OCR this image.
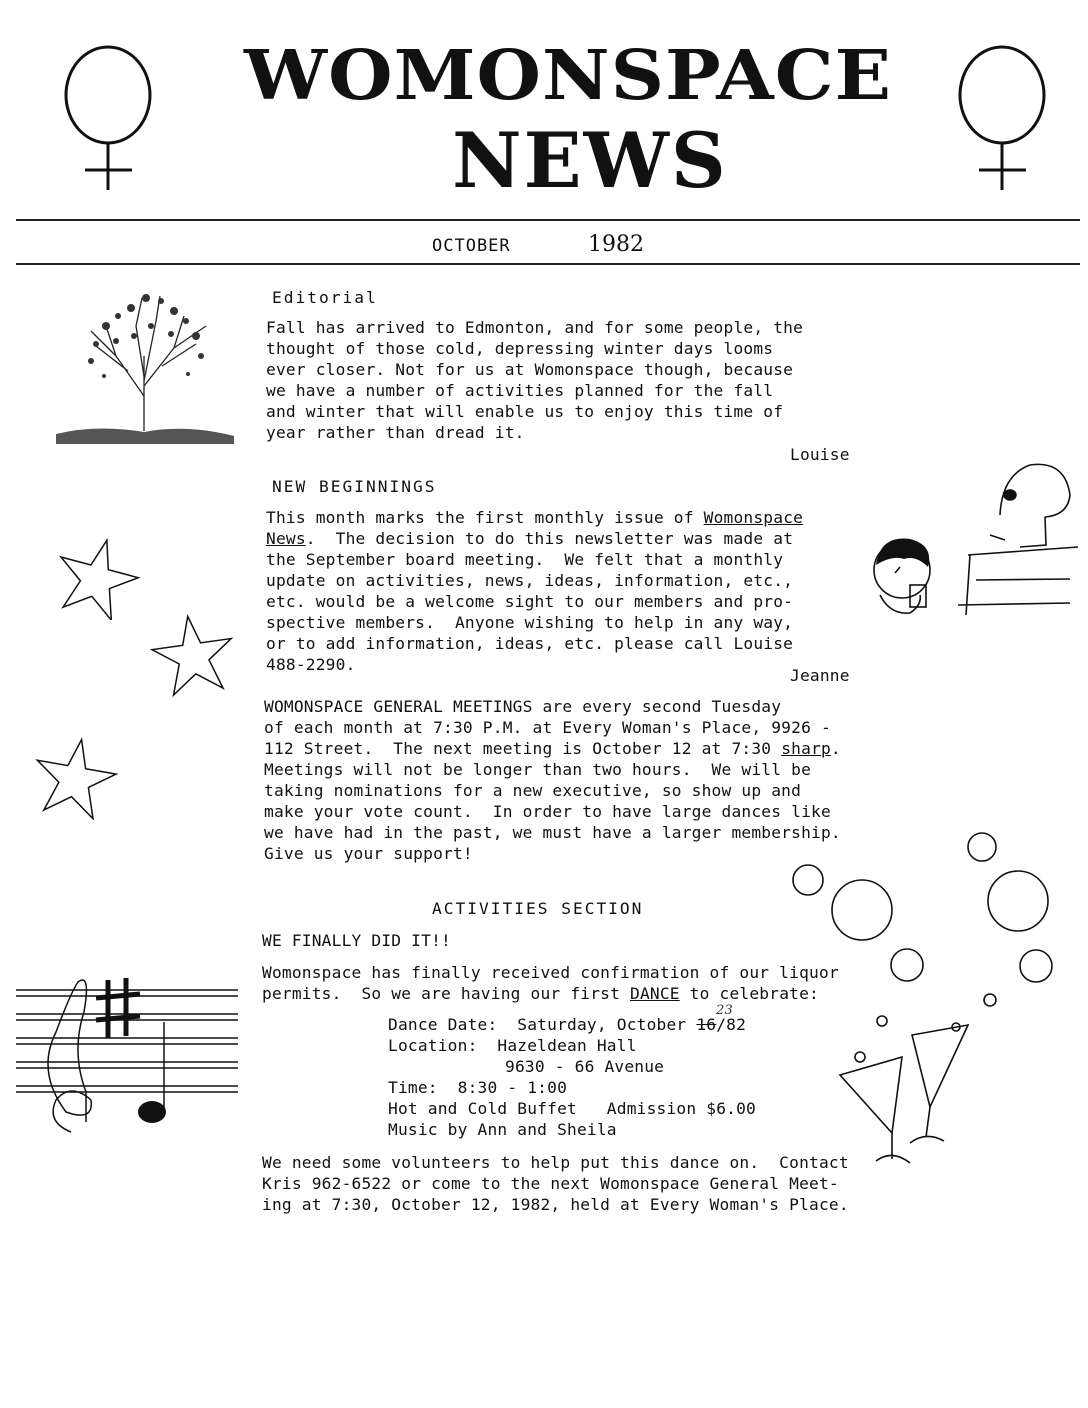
WOMONSPACE
NEWS
OCTOBER	1982
Editorial
Fall has arrived to Edmonton, and for some people, the
thought of those cold, depressing winter days looms
ever closer. Not for us at Womonspace though, because
we have a number of activities planned for the fall
and winter that will enable us to enjoy this time of
year rather than dread it.
Louise
NEW BEGINNINGS
This month marks the first monthly issue of Womonspace
News.  The decision to do this newsletter was made at
the September board meeting.  We felt that a monthly
update on activities, news, ideas, information, etc.,
etc. would be a welcome sight to our members and pro-
spective members.  Anyone wishing to help in any way,
or to add information, ideas, etc. please call Louise
488-2290.
Jeanne
WOMONSPACE GENERAL MEETINGS are every second Tuesday
of each month at 7:30 P.M. at Every Woman's Place, 9926 -
112 Street.  The next meeting is October 12 at 7:30 sharp.
Meetings will not be longer than two hours.  We will be
taking nominations for a new executive, so show up and
make your vote count.  In order to have large dances like
we have had in the past, we must have a larger membership.
Give us your support!
ACTIVITIES SECTION
WE FINALLY DID IT!!
Womonspace has finally received confirmation of our liquor
permits.  So we are having our first DANCE to celebrate:
Dance Date:  Saturday, October 16/82
23
Location:  Hazeldean Hall
9630 - 66 Avenue
Time:  8:30 - 1:00
Hot and Cold Buffet   Admission $6.00
Music by Ann and Sheila
We need some volunteers to help put this dance on.  Contact
Kris 962-6522 or come to the next Womonspace General Meet-
ing at 7:30, October 12, 1982, held at Every Woman's Place.
